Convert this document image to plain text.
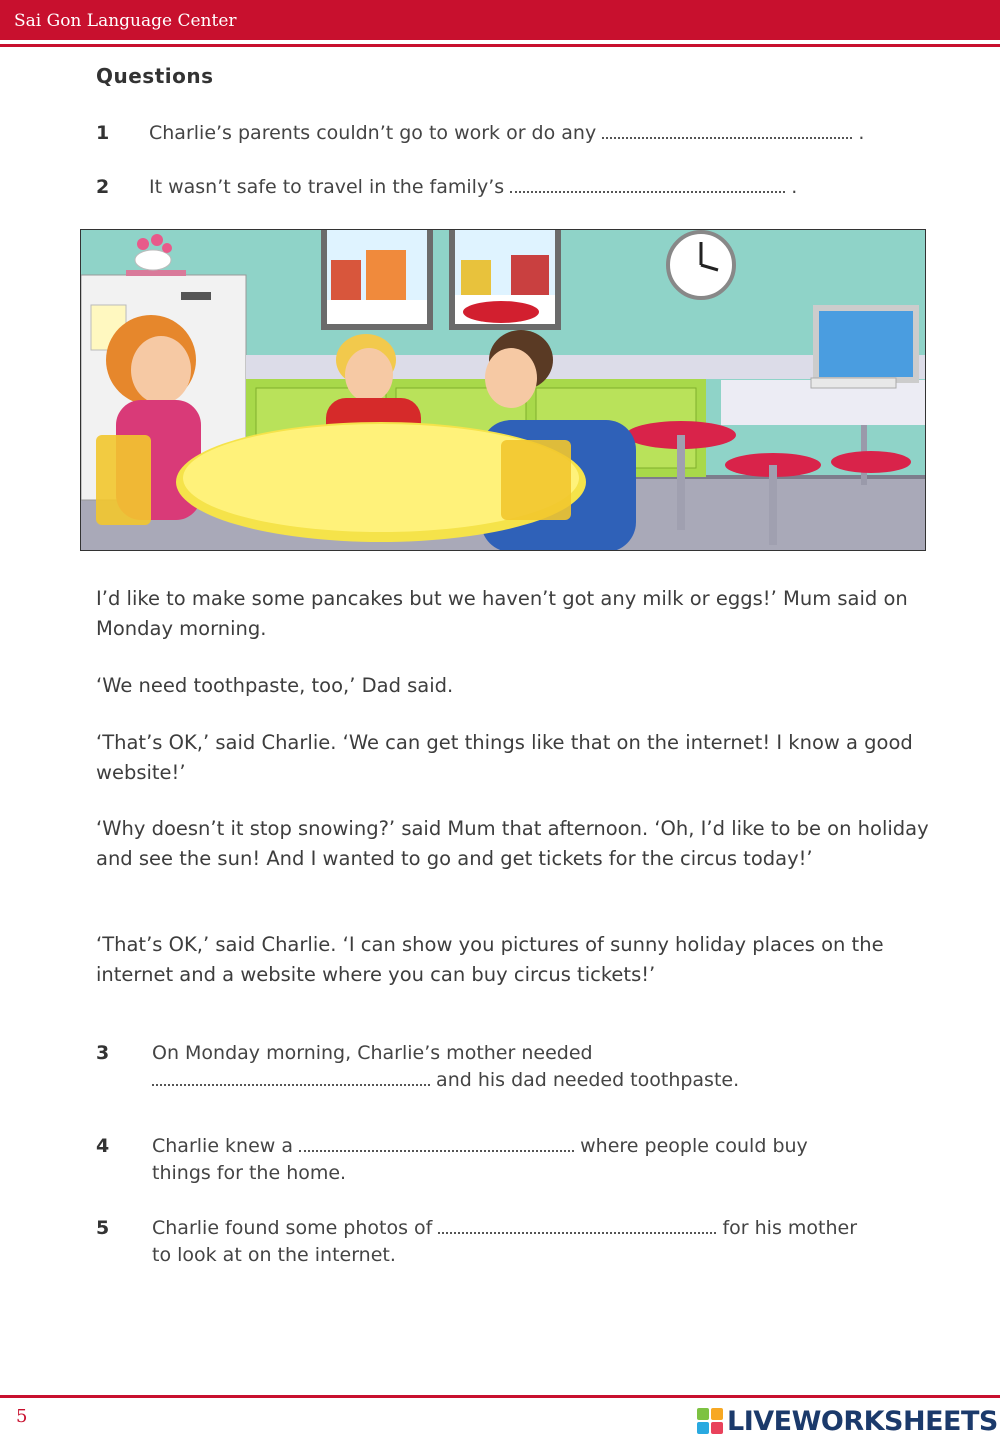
Sai Gon Language Center
Questions
1 Charlie’s parents couldn’t go to work or do any	.
2 It wasn’t safe to travel in the family’s	.

I’d like to make some pancakes but we haven’t got any milk or eggs!’ Mum said on Monday morning.

‘We need toothpaste, too,’ Dad said.

‘That’s OK,’ said Charlie. ‘We can get things like that on the internet! I know a good website!’

‘Why doesn’t it stop snowing?’ said Mum that afternoon. ‘Oh, I’d like to be on holiday and see the sun! And I wanted to go and get tickets for the circus today!’

‘That’s OK,’ said Charlie. ‘I can show you pictures of sunny holiday places on the internet and a website where you can buy circus tickets!’

3 On Monday morning, Charlie’s mother needed
and his dad needed toothpaste.
4 Charlie knew a	where people could buy
things for the home.
5 Charlie found some photos of	for his mother
to look at on the internet.
5	LIVEWORKSHEETS
